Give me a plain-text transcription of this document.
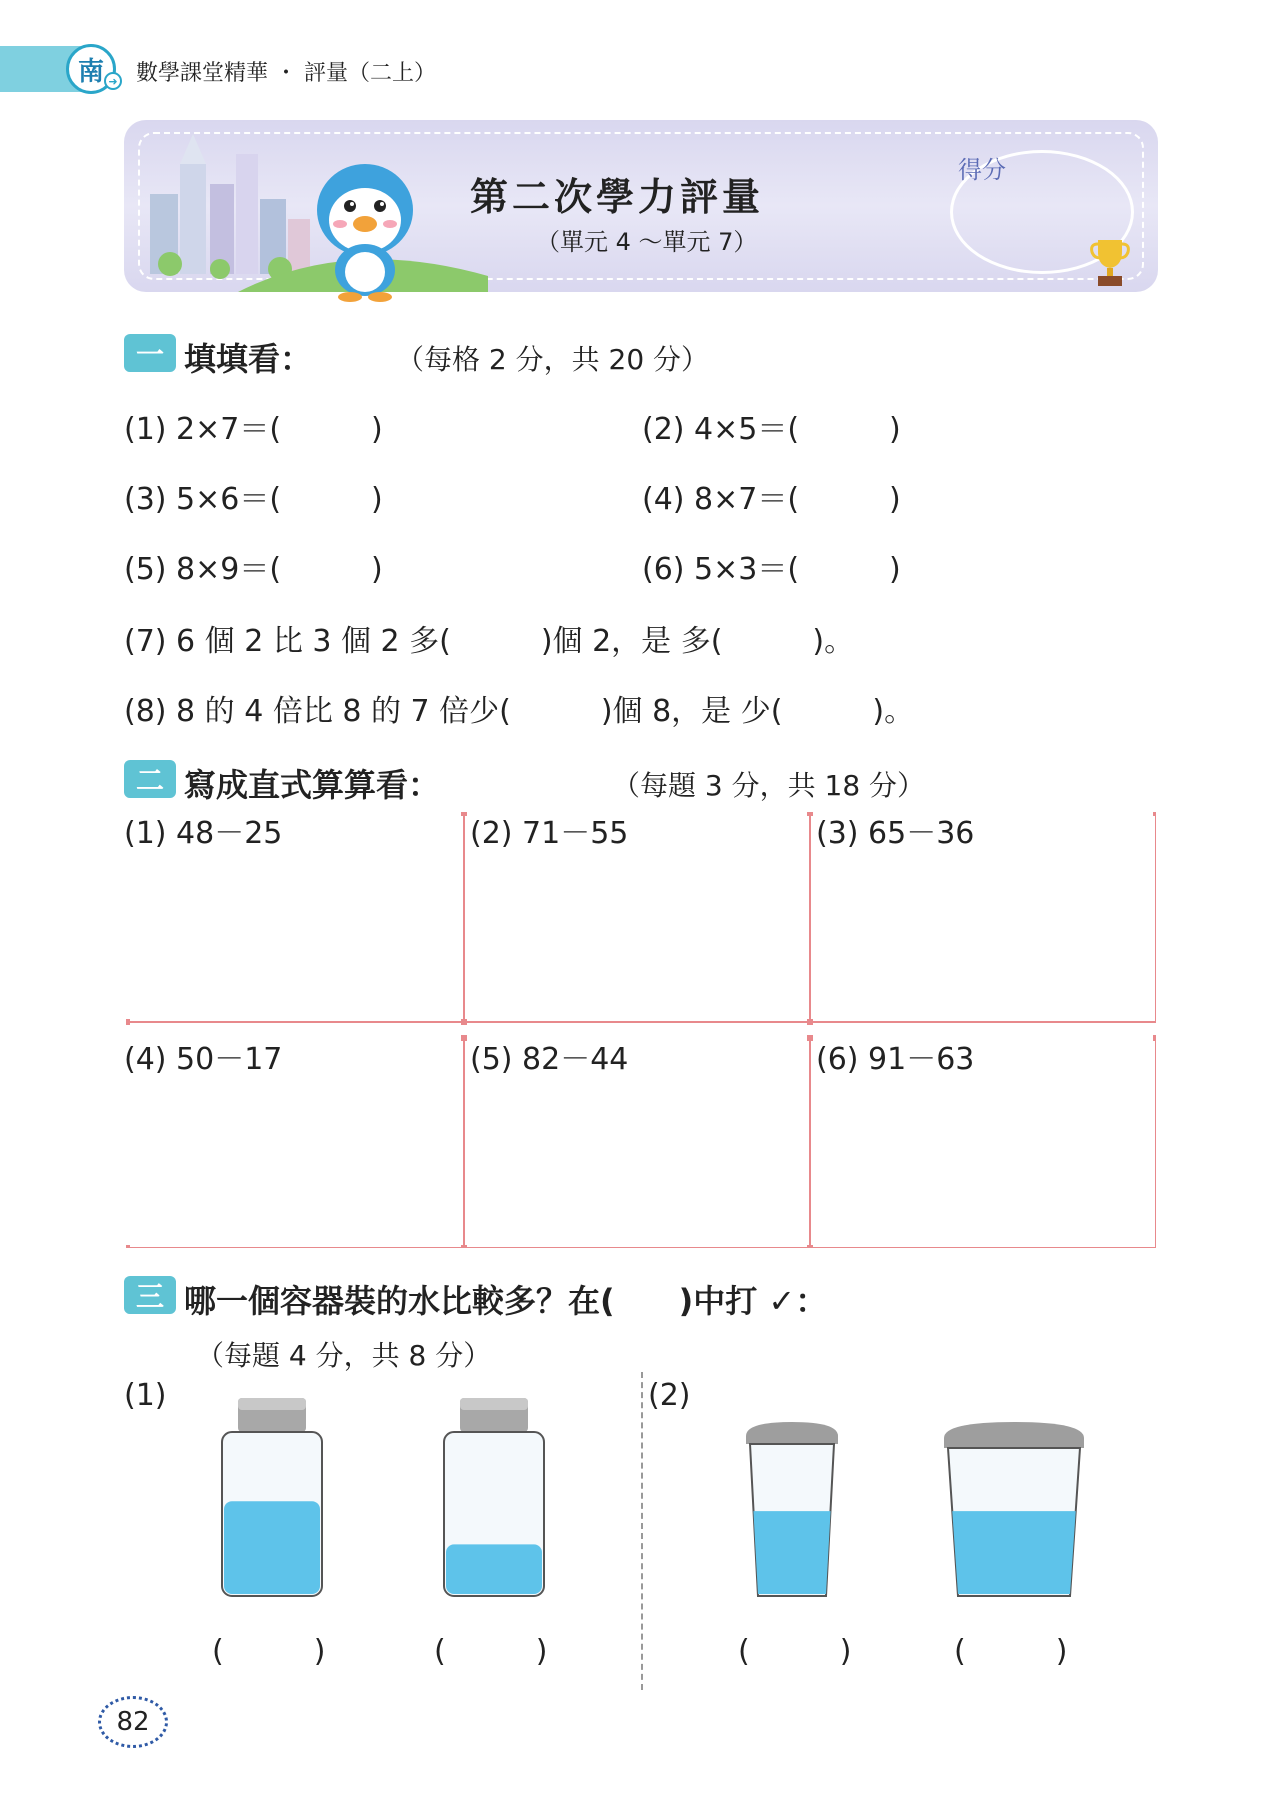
南 ➜ 數學課堂精華 ・ 評量（二上）
第二次學力評量
（單元 4 ～單元 7）
得分
一 填填看：	（每格 2 分，共 20 分）
(1) 2×7＝(　　　)	(2) 4×5＝(　　　)
(3) 5×6＝(　　　)	(4) 8×7＝(　　　)
(5) 8×9＝(　　　)	(6) 5×3＝(　　　)
(7) 6 個 2 比 3 個 2 多(　　　)個 2，是 多(　　　)。
(8) 8 的 4 倍比 8 的 7 倍少(　　　)個 8，是 少(　　　)。
二 寫成直式算算看：	（每題 3 分，共 18 分）
(1) 48－25	(2) 71－55	(3) 65－36
(4) 50－17	(5) 82－44	(6) 91－63
三 哪一個容器裝的水比較多？在(　　)中打 ✓：
（每題 4 分，共 8 分）
(1)	(2)
(　　　)	(　　　)	(　　　)	(　　　)
82
